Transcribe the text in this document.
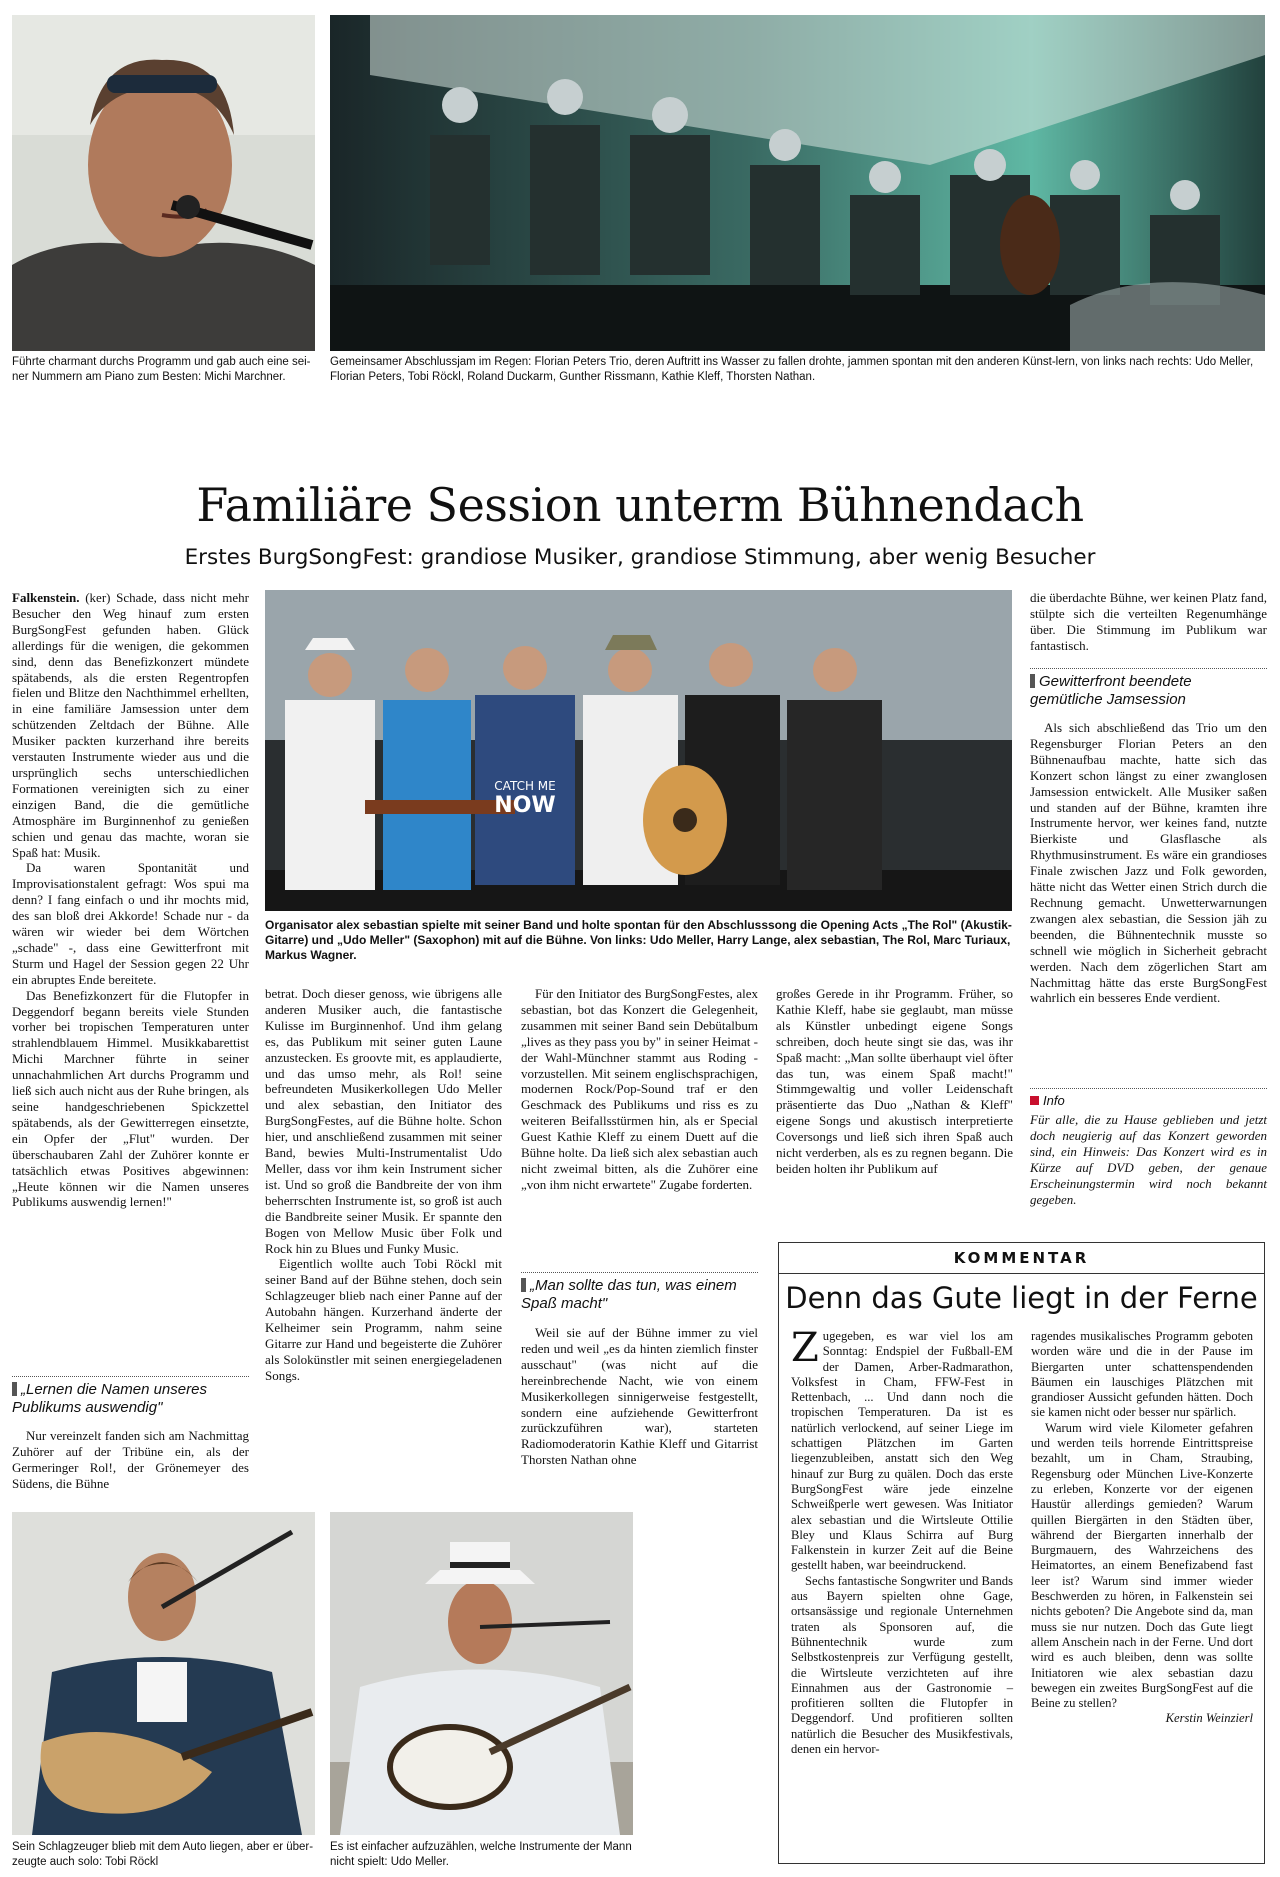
Führte charmant durchs Programm und gab auch eine sei-ner Nummern am Piano zum Besten: Michi Marchner.
Gemeinsamer Abschlussjam im Regen: Florian Peters Trio, deren Auftritt ins Wasser zu fallen drohte, jammen spontan mit den anderen Künst-lern, von links nach rechts: Udo Meller, Florian Peters, Tobi Röckl, Roland Duckarm, Gunther Rissmann, Kathie Kleff, Thorsten Nathan.
Familiäre Session unterm Bühnendach
Erstes BurgSongFest: grandiose Musiker, grandiose Stimmung, aber wenig Besucher

Falkenstein. (ker) Schade, dass nicht mehr Besucher den Weg hinauf zum ersten BurgSongFest gefunden haben. Glück allerdings für die wenigen, die gekommen sind, denn das Benefizkonzert mündete spätabends, als die ersten Regentropfen fielen und Blitze den Nachthimmel erhellten, in eine familiäre Jamsession unter dem schützenden Zeltdach der Bühne. Alle Musiker packten kurzerhand ihre bereits verstauten Instrumente wieder aus und die ursprünglich sechs unterschiedlichen Formationen vereinigten sich zu einer einzigen Band, die die gemütliche Atmosphäre im Burginnenhof zu genießen schien und genau das machte, woran sie Spaß hat: Musik.

Da waren Spontanität und Improvisationstalent gefragt: Wos spui ma denn? I fang einfach o und ihr mochts mid, des san bloß drei Akkorde! Schade nur - da wären wir wieder bei dem Wörtchen „schade" -, dass eine Gewitterfront mit Sturm und Hagel der Session gegen 22 Uhr ein abruptes Ende bereitete.

Das Benefizkonzert für die Flutopfer in Deggendorf begann bereits viele Stunden vorher bei tropischen Temperaturen unter strahlendblauem Himmel. Musikkabarettist Michi Marchner führte in seiner unnachahmlichen Art durchs Programm und ließ sich auch nicht aus der Ruhe bringen, als seine handgeschriebenen Spickzettel spätabends, als der Gewitterregen einsetzte, ein Opfer der „Flut" wurden. Der überschaubaren Zahl der Zuhörer konnte er tatsächlich etwas Positives abgewinnen: „Heute können wir die Namen unseres Publikums auswendig lernen!"

„Lernen die Namen unseres Publikums auswendig"

Nur vereinzelt fanden sich am Nachmittag Zuhörer auf der Tribüne ein, als der Germeringer Rol!, der Grönemeyer des Südens, die Bühne

CATCH ME
NOW
Organisator alex sebastian spielte mit seiner Band und holte spontan für den Abschlusssong die Opening Acts „The Rol" (Akustik-Gitarre) und „Udo Meller" (Saxophon) mit auf die Bühne. Von links: Udo Meller, Harry Lange, alex sebastian, The Rol, Marc Turiaux, Markus Wagner.

betrat. Doch dieser genoss, wie übrigens alle anderen Musiker auch, die fantastische Kulisse im Burginnenhof. Und ihm gelang es, das Publikum mit seiner guten Laune anzustecken. Es groovte mit, es applaudierte, und das umso mehr, als Rol! seine befreundeten Musikerkollegen Udo Meller und alex sebastian, den Initiator des BurgSongFestes, auf die Bühne holte. Schon hier, und anschließend zusammen mit seiner Band, bewies Multi-Instrumentalist Udo Meller, dass vor ihm kein Instrument sicher ist. Und so groß die Bandbreite der von ihm beherrschten Instrumente ist, so groß ist auch die Bandbreite seiner Musik. Er spannte den Bogen von Mellow Music über Folk und Rock hin zu Blues und Funky Music.

Eigentlich wollte auch Tobi Röckl mit seiner Band auf der Bühne stehen, doch sein Schlagzeuger blieb nach einer Panne auf der Autobahn hängen. Kurzerhand änderte der Kelheimer sein Programm, nahm seine Gitarre zur Hand und begeisterte die Zuhörer als Solokünstler mit seinen energiegeladenen Songs.

Für den Initiator des BurgSongFestes, alex sebastian, bot das Konzert die Gelegenheit, zusammen mit seiner Band sein Debütalbum „lives as they pass you by" in seiner Heimat - der Wahl-Münchner stammt aus Roding - vorzustellen. Mit seinem englischsprachigen, modernen Rock/Pop-Sound traf er den Geschmack des Publikums und riss es zu weiteren Beifallsstürmen hin, als er Special Guest Kathie Kleff zu einem Duett auf die Bühne holte. Da ließ sich alex sebastian auch nicht zweimal bitten, als die Zuhörer eine „von ihm nicht erwartete" Zugabe forderten.

„Man sollte das tun, was einem Spaß macht"

Weil sie auf der Bühne immer zu viel reden und weil „es da hinten ziemlich finster ausschaut" (was nicht auf die hereinbrechende Nacht, wie von einem Musikerkollegen sinnigerweise festgestellt, sondern eine aufziehende Gewitterfront zurückzuführen war), starteten Radiomoderatorin Kathie Kleff und Gitarrist Thorsten Nathan ohne

großes Gerede in ihr Programm. Früher, so Kathie Kleff, habe sie geglaubt, man müsse als Künstler unbedingt eigene Songs schreiben, doch heute singt sie das, was ihr Spaß macht: „Man sollte überhaupt viel öfter das tun, was einem Spaß macht!" Stimmgewaltig und voller Leidenschaft präsentierte das Duo „Nathan & Kleff" eigene Songs und akustisch interpretierte Coversongs und ließ sich ihren Spaß auch nicht verderben, als es zu regnen begann. Die beiden holten ihr Publikum auf

die überdachte Bühne, wer keinen Platz fand, stülpte sich die verteilten Regenumhänge über. Die Stimmung im Publikum war fantastisch.

Gewitterfront beendete gemütliche Jamsession

Als sich abschließend das Trio um den Regensburger Florian Peters an den Bühnenaufbau machte, hatte sich das Konzert schon längst zu einer zwanglosen Jamsession entwickelt. Alle Musiker saßen und standen auf der Bühne, kramten ihre Instrumente hervor, wer keines fand, nutzte Bierkiste und Glasflasche als Rhythmusinstrument. Es wäre ein grandioses Finale zwischen Jazz und Folk geworden, hätte nicht das Wetter einen Strich durch die Rechnung gemacht. Unwetterwarnungen zwangen alex sebastian, die Session jäh zu beenden, die Bühnentechnik musste so schnell wie möglich in Sicherheit gebracht werden. Nach dem zögerlichen Start am Nachmittag hätte das erste BurgSongFest wahrlich ein besseres Ende verdient.

Info

Für alle, die zu Hause geblieben und jetzt doch neugierig auf das Konzert geworden sind, ein Hinweis: Das Konzert wird es in Kürze auf DVD geben, der genaue Erscheinungstermin wird noch bekannt gegeben.

KOMMENTAR
Denn das Gute liegt in der Ferne

Zugegeben, es war viel los am Sonntag: Endspiel der Fußball-EM der Damen, Arber-Radmarathon, Volksfest in Cham, FFW-Fest in Rettenbach, ... Und dann noch die tropischen Temperaturen. Da ist es natürlich verlockend, auf seiner Liege im schattigen Plätzchen im Garten liegenzubleiben, anstatt sich den Weg hinauf zur Burg zu quälen. Doch das erste BurgSongFest wäre jede einzelne Schweißperle wert gewesen. Was Initiator alex sebastian und die Wirtsleute Ottilie Bley und Klaus Schirra auf Burg Falkenstein in kurzer Zeit auf die Beine gestellt haben, war beeindruckend.

Sechs fantastische Songwriter und Bands aus Bayern spielten ohne Gage, ortsansässige und regionale Unternehmen traten als Sponsoren auf, die Bühnentechnik wurde zum Selbstkostenpreis zur Verfügung gestellt, die Wirtsleute verzichteten auf ihre Einnahmen aus der Gastronomie – profitieren sollten die Flutopfer in Deggendorf. Und profitieren sollten natürlich die Besucher des Musikfestivals, denen ein hervor-

ragendes musikalisches Programm geboten worden wäre und die in der Pause im Biergarten unter schattenspendenden Bäumen ein lauschiges Plätzchen mit grandioser Aussicht gefunden hätten. Doch sie kamen nicht oder besser nur spärlich.

Warum wird viele Kilometer gefahren und werden teils horrende Eintrittspreise bezahlt, um in Cham, Straubing, Regensburg oder München Live-Konzerte zu erleben, Konzerte vor der eigenen Haustür allerdings gemieden? Warum quillen Biergärten in den Städten über, während der Biergarten innerhalb der Burgmauern, des Wahrzeichens des Heimatortes, an einem Benefizabend fast leer ist? Warum sind immer wieder Beschwerden zu hören, in Falkenstein sei nichts geboten? Die Angebote sind da, man muss sie nur nutzen. Doch das Gute liegt allem Anschein nach in der Ferne. Und dort wird es auch bleiben, denn was sollte Initiatoren wie alex sebastian dazu bewegen ein zweites BurgSongFest auf die Beine zu stellen?

Kerstin Weinzierl

Sein Schlagzeuger blieb mit dem Auto liegen, aber er über-zeugte auch solo: Tobi Röckl
Es ist einfacher aufzuzählen, welche Instrumente der Mann nicht spielt: Udo Meller.
